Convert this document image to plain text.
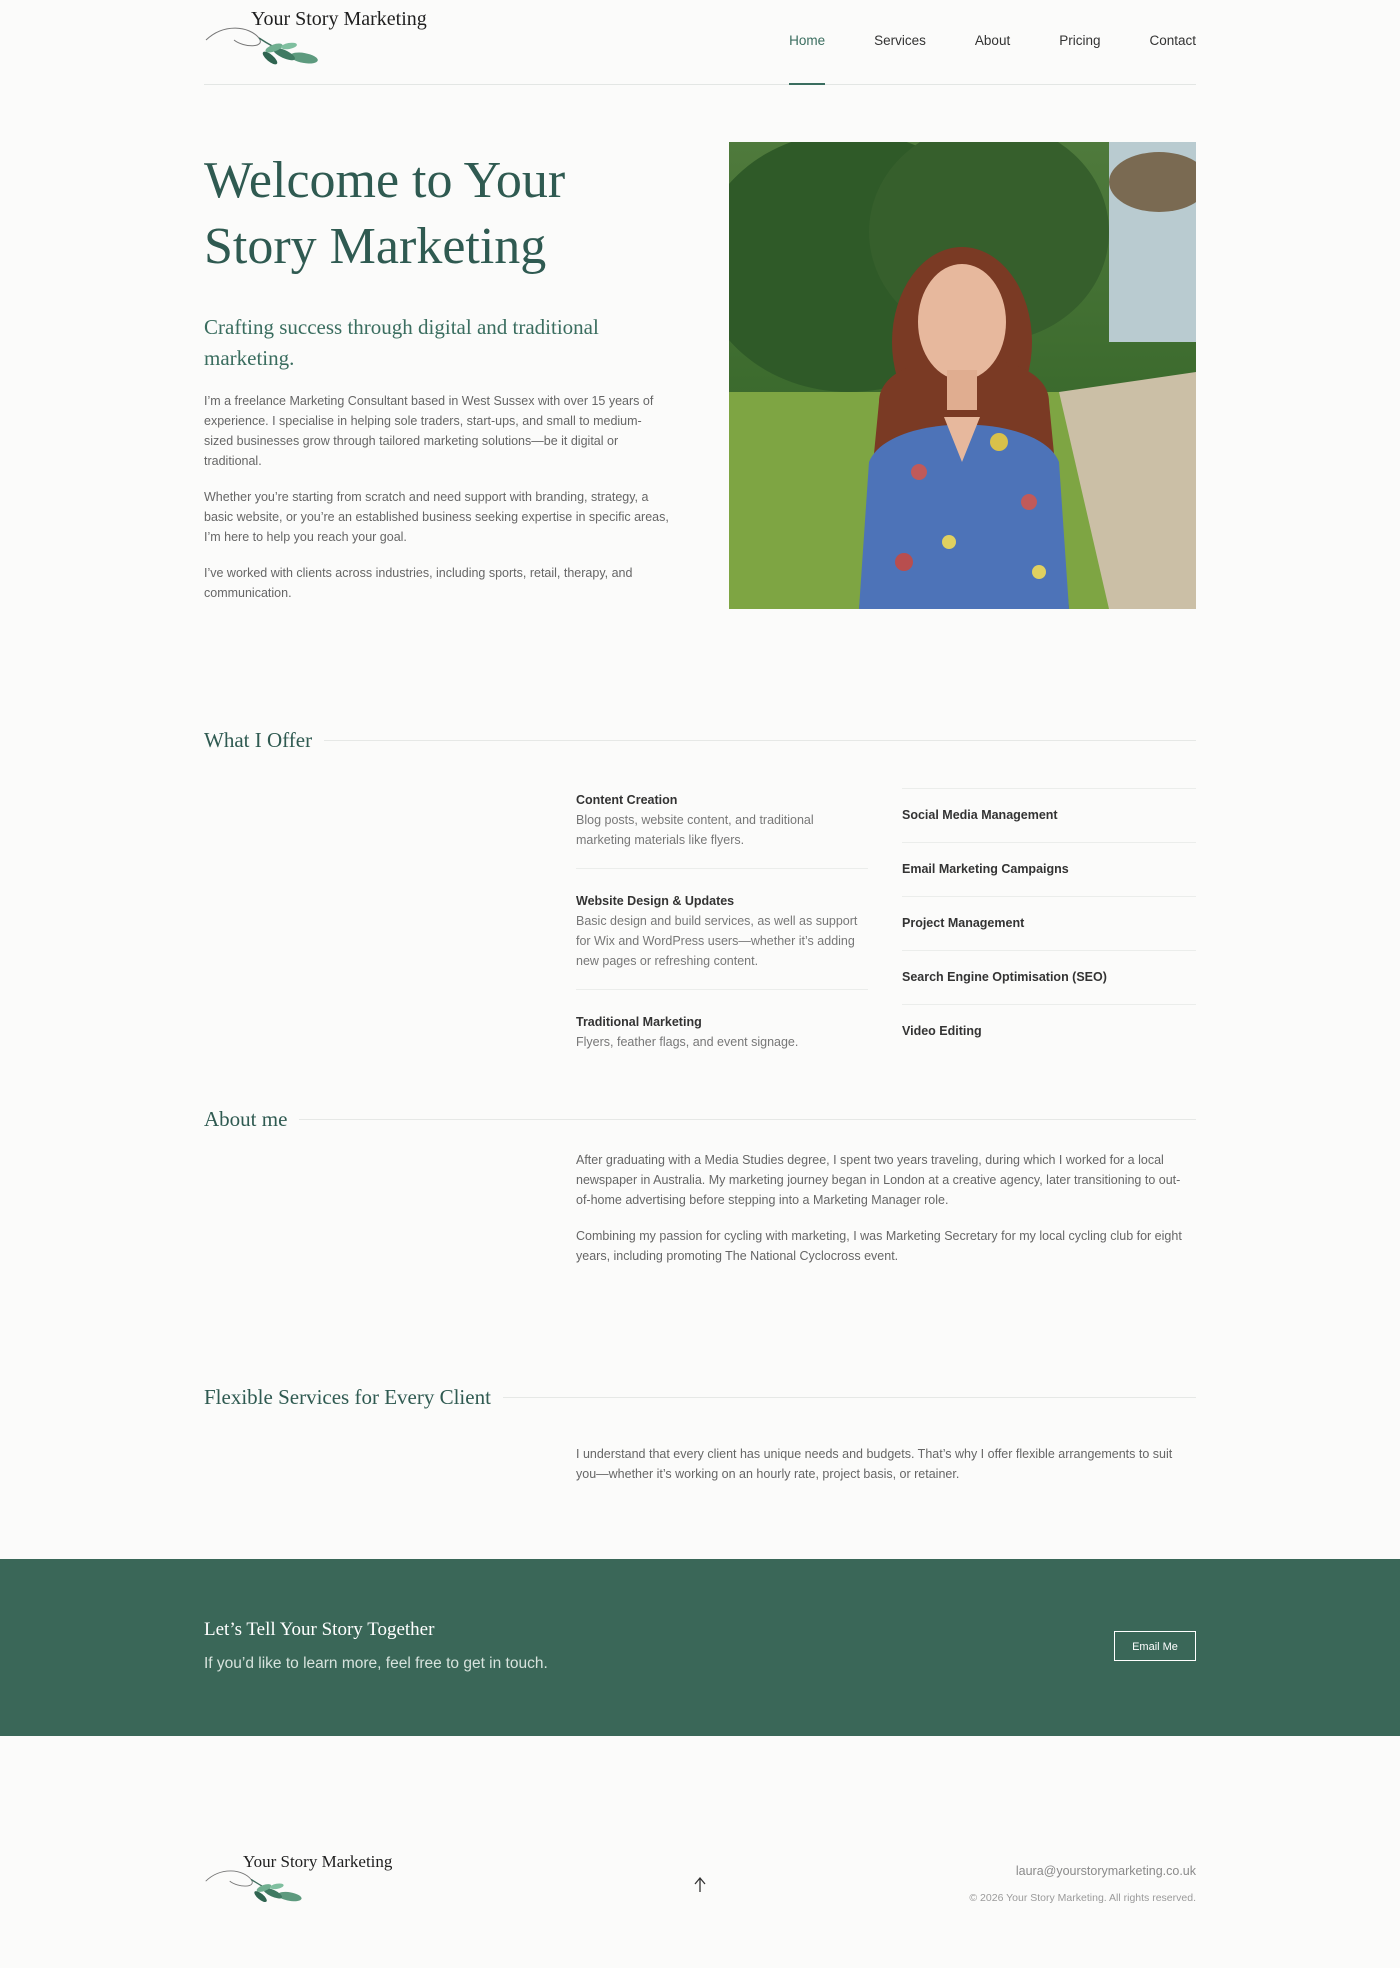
Your Story Marketing
Home	Services	About	Pricing	Contact
Welcome to Your Story Marketing
Crafting success through digital and traditional marketing.

I’m a freelance Marketing Consultant based in West Sussex with over 15 years of experience. I specialise in helping sole traders, start-ups, and small to medium-sized businesses grow through tailored marketing solutions—be it digital or traditional.

Whether you’re starting from scratch and need support with branding, strategy, a basic website, or you’re an established business seeking expertise in specific areas, I’m here to help you reach your goal.

I’ve worked with clients across industries, including sports, retail, therapy, and communication.

What I Offer
Content Creation
Blog posts, website content, and traditional marketing materials like flyers.
Website Design & Updates
Basic design and build services, as well as support for Wix and WordPress users—whether it’s adding new pages or refreshing content.
Traditional Marketing
Flyers, feather flags, and event signage.
Social Media Management
Email Marketing Campaigns
Project Management
Search Engine Optimisation (SEO)
Video Editing
About me

After graduating with a Media Studies degree, I spent two years traveling, during which I worked for a local newspaper in Australia. My marketing journey began in London at a creative agency, later transitioning to out-of-home advertising before stepping into a Marketing Manager role.

Combining my passion for cycling with marketing, I was Marketing Secretary for my local cycling club for eight years, including promoting The National Cyclocross event.

Flexible Services for Every Client

I understand that every client has unique needs and budgets. That’s why I offer flexible arrangements to suit you—whether it’s working on an hourly rate, project basis, or retainer.

Let’s Tell Your Story Together
If you’d like to learn more, feel free to get in touch.
Email Me
Your Story Marketing	laura@yourstorymarketing.co.uk
© 2026 Your Story Marketing. All rights reserved.
